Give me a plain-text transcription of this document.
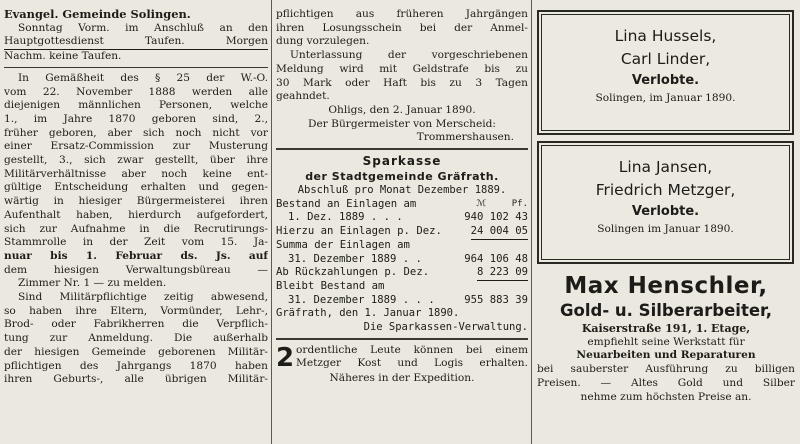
Evangel. Gemeinde Solingen.
Sonntag Vorm. im Anschluß an den
Hauptgottesdienst Taufen. Morgen
Nachm. keine Taufen.
In Gemäßheit des § 25 der W.-O.
vom 22. November 1888 werden alle
diejenigen männlichen Personen, welche
1., im Jahre 1870 geboren sind, 2.,
früher geboren, aber sich noch nicht vor
einer Ersatz-Commission zur Musterung
gestellt, 3., sich zwar gestellt, über ihre
Militärverhältnisse aber noch keine ent-
gültige Entscheidung erhalten und gegen-
wärtig in hiesiger Bürgermeisterei ihren
Aufenthalt haben, hierdurch aufgefordert,
sich zur Aufnahme in die Recrutirungs-
Stammrolle in der Zeit vom 15. Ja-
nuar bis 1. Februar ds. Js. auf
dem hiesigen Verwaltungsbüreau —
Zimmer Nr. 1 — zu melden.
Sind Militärpflichtige zeitig abwesend,
so haben ihre Eltern, Vormünder, Lehr-,
Brod- oder Fabrikherren die Verpflich-
tung zur Anmeldung. Die außerhalb
der hiesigen Gemeinde geborenen Militär-
pflichtigen des Jahrgangs 1870 haben
ihren Geburts-, alle übrigen Militär-
pflichtigen aus früheren Jahrgängen
ihren Losungsschein bei der Anmel-
dung vorzulegen.
Unterlassung der vorgeschriebenen
Meldung wird mit Geldstrafe bis zu
30 Mark oder Haft bis zu 3 Tagen
geahndet.
Ohligs, den 2. Januar 1890.
Der Bürgermeister von Merscheid:
Trommershausen.
Sparkasse
der Stadtgemeinde Gräfrath.
Abschluß pro Monat Dezember 1889.
Bestand an Einlagen am	ℳ	Pf.
1. Dez. 1889 . . .	940 102 43
Hierzu an Einlagen p. Dez.	24 004 05
Summa der Einlagen am
31. Dezember 1889 . .	964 106 48
Ab Rückzahlungen p. Dez.	8 223 09
Bleibt Bestand am
31. Dezember 1889 . . .	955 883 39
Gräfrath, den 1. Januar 1890.
Die Sparkassen-Verwaltung.
2 ordentliche Leute können bei einem
Metzger Kost und Logis erhalten.
Näheres in der Expedition.
Lina Hussels,
Carl Linder,
Verlobte.
Solingen, im Januar 1890.
Lina Jansen,
Friedrich Metzger,
Verlobte.
Solingen im Januar 1890.
Max Henschler,
Gold- u. Silberarbeiter,
Kaiserstraße 191, 1. Etage,
empfiehlt seine Werkstatt für
Neuarbeiten und Reparaturen
bei sauberster Ausführung zu billigen
Preisen. — Altes Gold und Silber
nehme zum höchsten Preise an.
